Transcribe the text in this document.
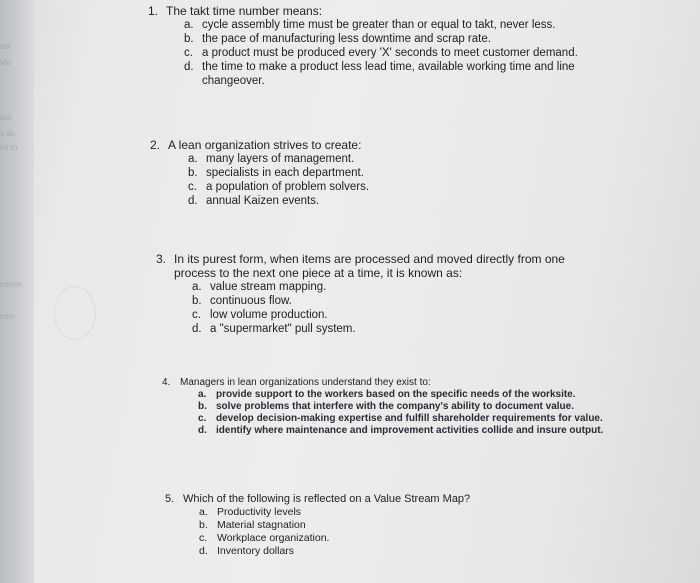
otx
Mo
pro
s do
ns to
comm
com

1. The takt time number means:

a. cycle assembly time must be greater than or equal to takt, never less.
b. the pace of manufacturing less downtime and scrap rate.
c. a product must be produced every 'X' seconds to meet customer demand.
d. the time to make a product less lead time, available working time and line changeover.

2. A lean organization strives to create:

a. many layers of management.
b. specialists in each department.
c. a population of problem solvers.
d. annual Kaizen events.

3. In its purest form, when items are processed and moved directly from one process to the next one piece at a time, it is known as:

a. value stream mapping.
b. continuous flow.
c. low volume production.
d. a "supermarket" pull system.

4. Managers in lean organizations understand they exist to:

a. provide support to the workers based on the specific needs of the worksite.
b. solve problems that interfere with the company's ability to document value.
c. develop decision-making expertise and fulfill shareholder requirements for value.
d. identify where maintenance and improvement activities collide and insure output.

5. Which of the following is reflected on a Value Stream Map?

a. Productivity levels
b. Material stagnation
c. Workplace organization.
d. Inventory dollars
